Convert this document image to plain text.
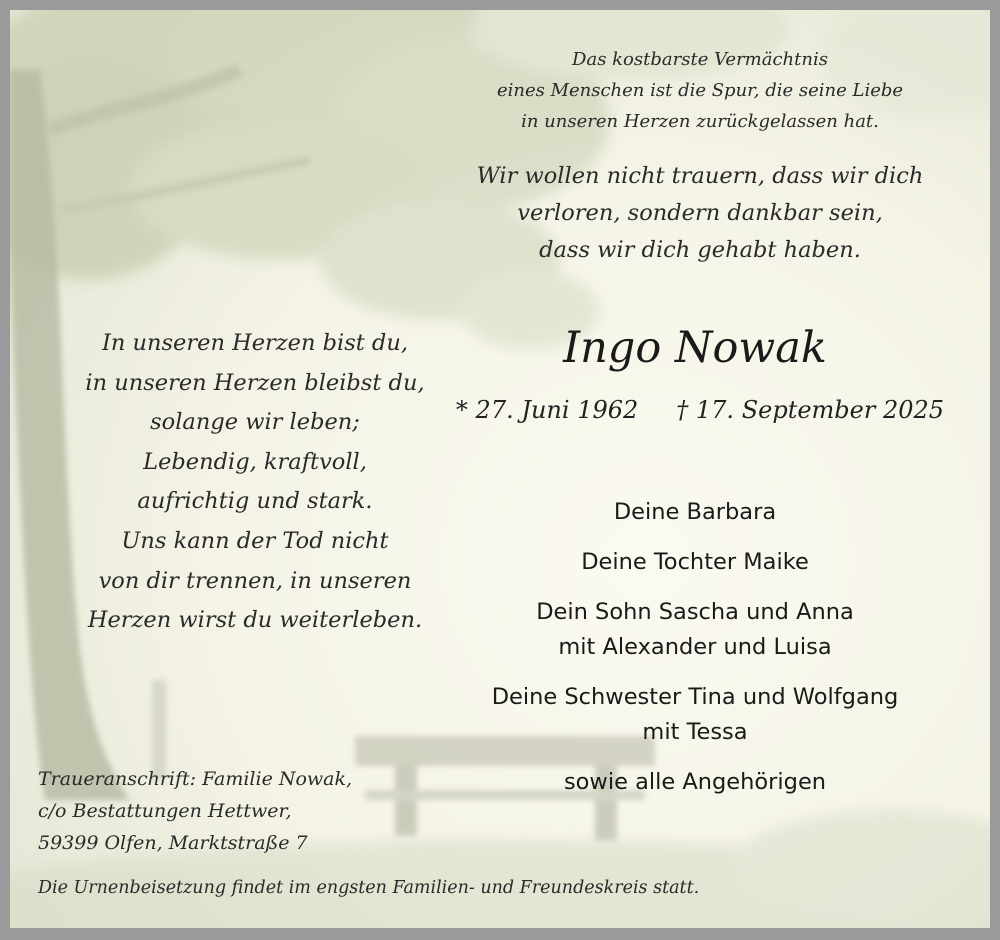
Das kostbarste Vermächtnis
eines Menschen ist die Spur, die seine Liebe
in unseren Herzen zurückgelassen hat.
Wir wollen nicht trauern, dass wir dich
verloren, sondern dankbar sein,
dass wir dich gehabt haben.
Ingo Nowak
* 27. Juni 1962 † 17. September 2025
In unseren Herzen bist du,
in unseren Herzen bleibst du,
solange wir leben;
Lebendig, kraftvoll,
aufrichtig und stark.
Uns kann der Tod nicht
von dir trennen, in unseren
Herzen wirst du weiterleben.
Deine Barbara
Deine Tochter Maike
Dein Sohn Sascha und Anna
mit Alexander und Luisa
Deine Schwester Tina und Wolfgang
mit Tessa
sowie alle Angehörigen
Traueranschrift: Familie Nowak,
c/o Bestattungen Hettwer,
59399 Olfen, Marktstraße 7
Die Urnenbeisetzung findet im engsten Familien- und Freundeskreis statt.
